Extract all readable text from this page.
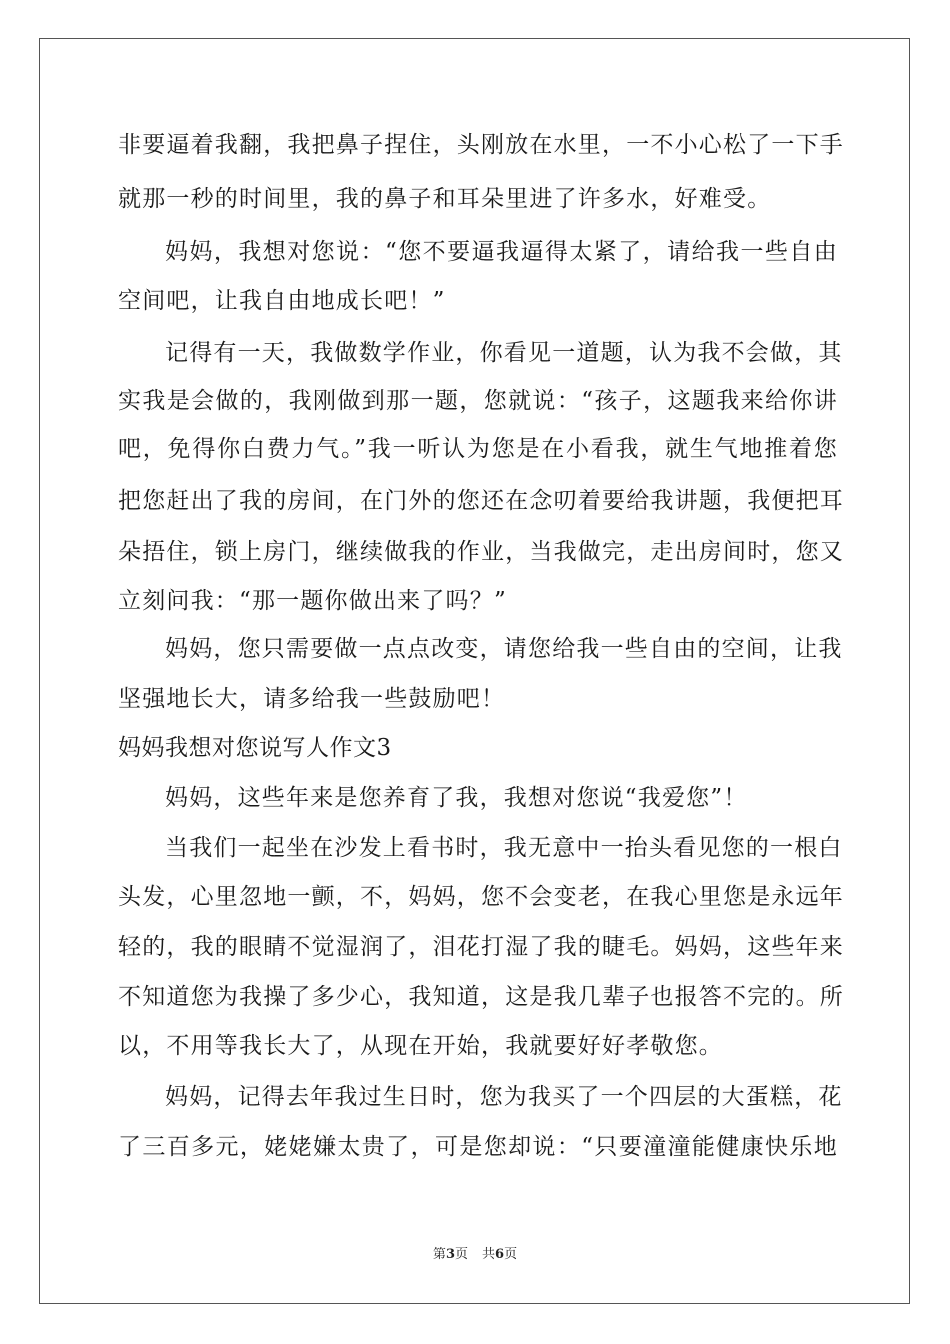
非要逼着我翻，我把鼻子捏住，头刚放在水里，一不小心松了一下手
就那一秒的时间里，我的鼻子和耳朵里进了许多水，好难受。
妈妈，我想对您说：“您不要逼我逼得太紧了，请给我一些自由
空间吧，让我自由地成长吧！”
记得有一天，我做数学作业，你看见一道题，认为我不会做，其
实我是会做的，我刚做到那一题，您就说：“孩子，这题我来给你讲
吧，免得你白费力气。”我一听认为您是在小看我，就生气地推着您
把您赶出了我的房间，在门外的您还在念叨着要给我讲题，我便把耳
朵捂住，锁上房门，继续做我的作业，当我做完，走出房间时，您又
立刻问我：“那一题你做出来了吗？”
妈妈，您只需要做一点点改变，请您给我一些自由的空间，让我
坚强地长大，请多给我一些鼓励吧！
妈妈我想对您说写人作文3
妈妈，这些年来是您养育了我，我想对您说“我爱您”！
当我们一起坐在沙发上看书时，我无意中一抬头看见您的一根白
头发，心里忽地一颤，不，妈妈，您不会变老，在我心里您是永远年
轻的，我的眼睛不觉湿润了，泪花打湿了我的睫毛。妈妈，这些年来
不知道您为我操了多少心，我知道，这是我几辈子也报答不完的。所
以，不用等我长大了，从现在开始，我就要好好孝敬您。
妈妈，记得去年我过生日时，您为我买了一个四层的大蛋糕，花
了三百多元，姥姥嫌太贵了，可是您却说：“只要潼潼能健康快乐地
第3页 共6页
